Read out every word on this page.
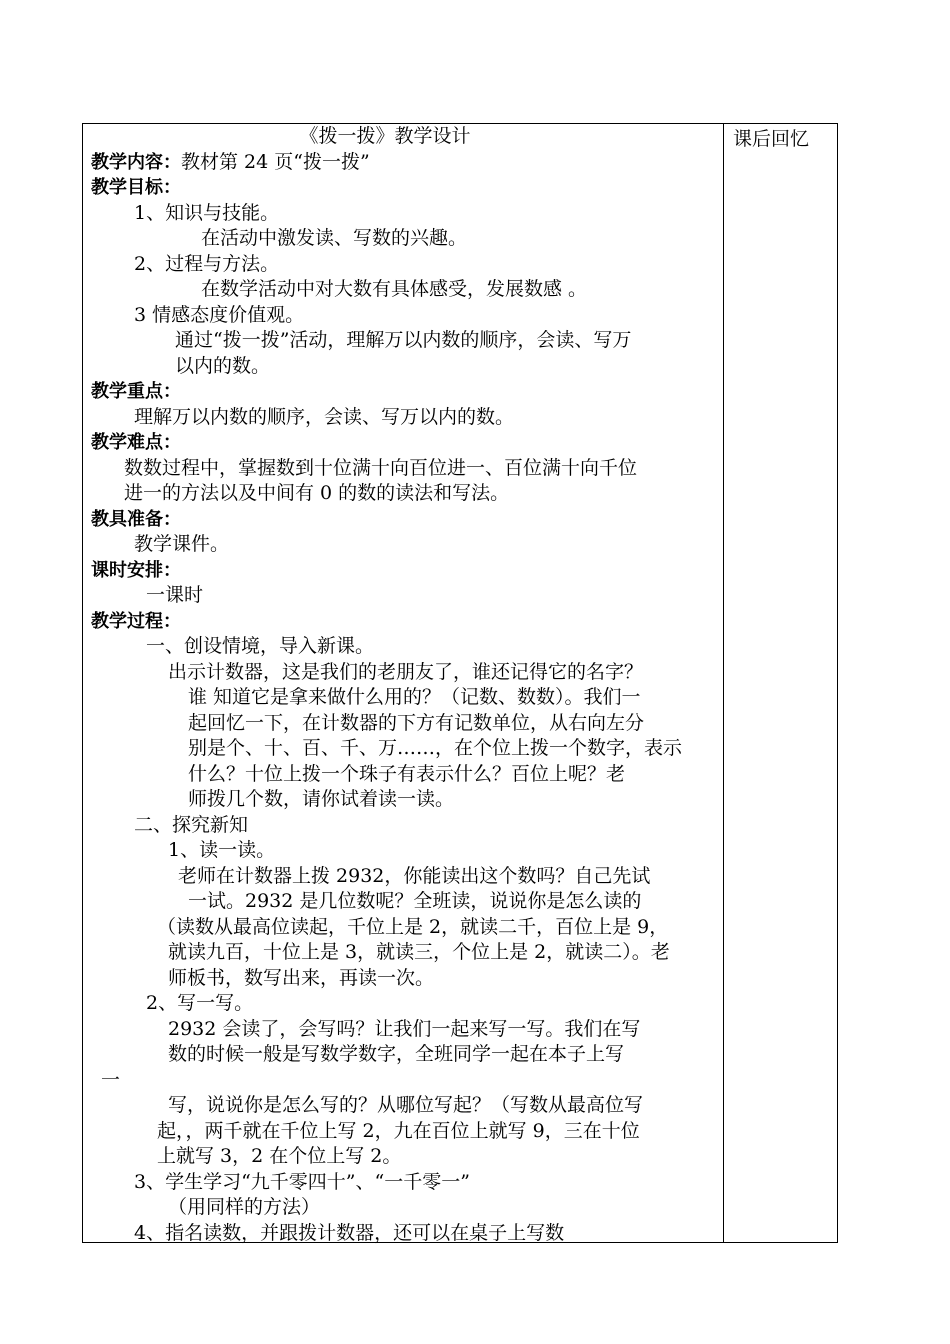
《拨一拨》教学设计
教学内容：教材第 24 页“拨一拨”
教学目标：
1、知识与技能。
在活动中激发读、写数的兴趣。
2、过程与方法。
在数学活动中对大数有具体感受，发展数感 。
3 情感态度价值观。
通过“拨一拨”活动，理解万以内数的顺序，会读、写万
以内的数。
教学重点：
理解万以内数的顺序，会读、写万以内的数。
教学难点：
数数过程中，掌握数到十位满十向百位进一、百位满十向千位
进一的方法以及中间有 0 的数的读法和写法。
教具准备：
教学课件。
课时安排：
一课时
教学过程：
一、创设情境，导入新课。
出示计数器，这是我们的老朋友了，谁还记得它的名字？
谁 知道它是拿来做什么用的？（记数、数数）。我们一
起回忆一下，在计数器的下方有记数单位，从右向左分
别是个、十、百、千、万……，在个位上拨一个数字，表示
什么？十位上拨一个珠子有表示什么？百位上呢？老
师拨几个数，请你试着读一读。
二、探究新知
1、读一读。
老师在计数器上拨 2932，你能读出这个数吗？自己先试
一试。2932 是几位数呢？全班读，说说你是怎么读的
（读数从最高位读起，千位上是 2，就读二千，百位上是 9，
就读九百，十位上是 3，就读三，个位上是 2，就读二）。老
师板书，数写出来，再读一次。
2、写一写。
2932 会读了，会写吗？让我们一起来写一写。我们在写
数的时候一般是写数学数字，全班同学一起在本子上写
一
写，说说你是怎么写的？从哪位写起？（写数从最高位写
起，，两千就在千位上写 2，九在百位上就写 9，三在十位
上就写 3，2 在个位上写 2。
3、学生学习“九千零四十”、“一千零一”
（用同样的方法）
4、指名读数，并跟拨计数器，还可以在桌子上写数
课后回忆
